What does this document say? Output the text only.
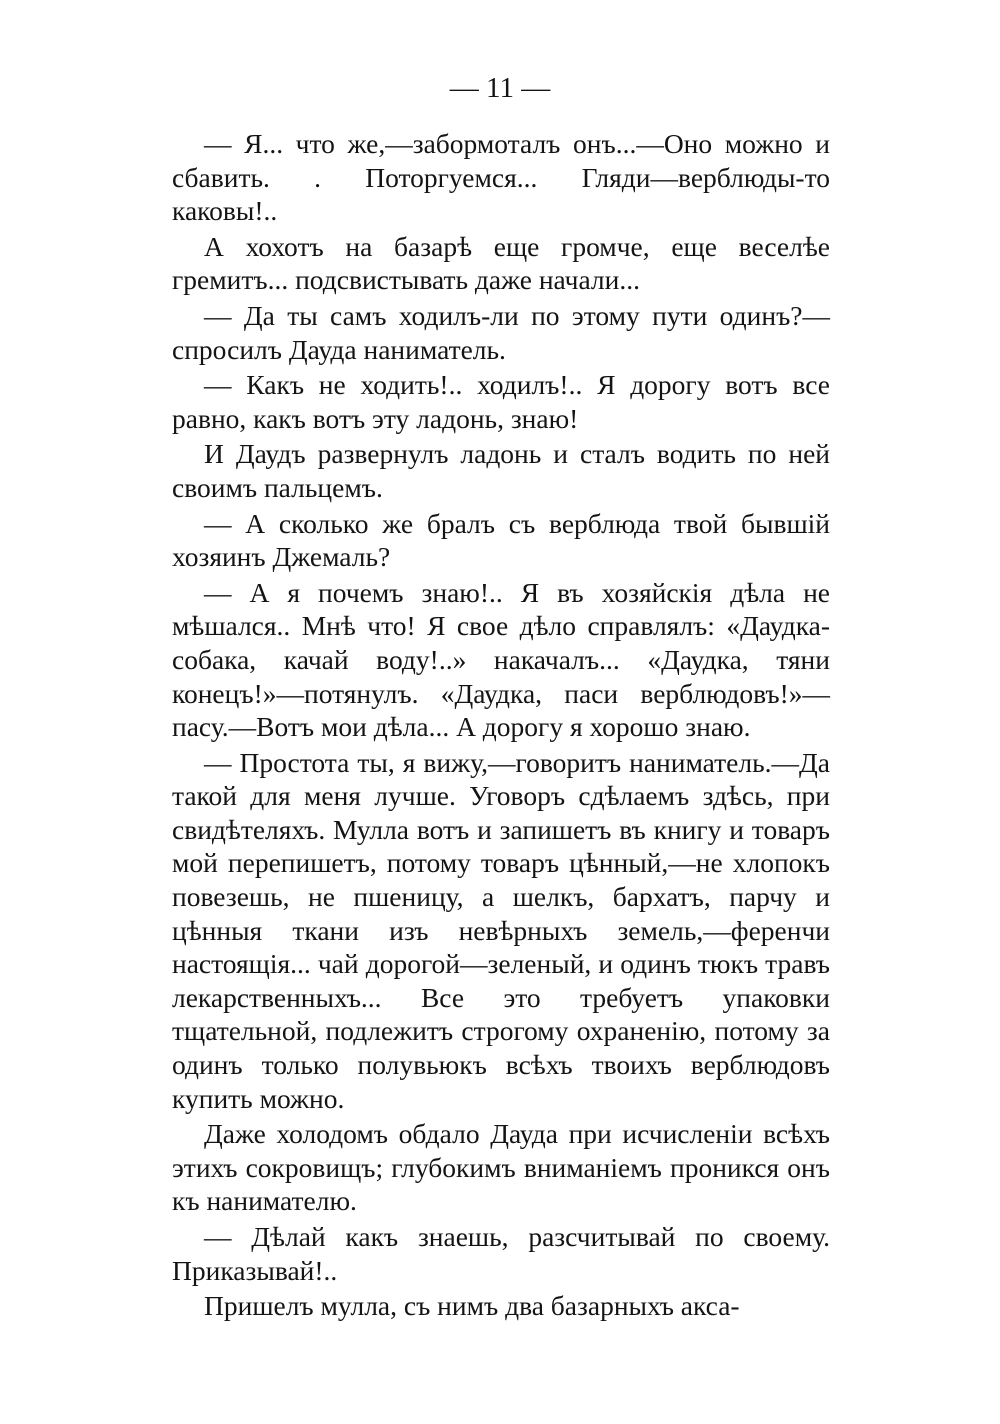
— 11 —

— Я... что же,—забормоталъ онъ...—Оно можно и сбавить. . Поторгуемся... Гляди—верблюды-то каковы!..

А хохотъ на базарѣ еще громче, еще веселѣе гремитъ... подсвистывать даже начали...

— Да ты самъ ходилъ-ли по этому пути одинъ?—спросилъ Дауда наниматель.

— Какъ не ходить!.. ходилъ!.. Я дорогу вотъ все равно, какъ вотъ эту ладонь, знаю!

И Даудъ развернулъ ладонь и сталъ водить по ней своимъ пальцемъ.

— А сколько же бралъ съ верблюда твой бывшій хозяинъ Джемаль?

— А я почемъ знаю!.. Я въ хозяйскія дѣла не мѣшался.. Мнѣ что! Я свое дѣло справлялъ: «Даудка-собака, качай воду!..» накачалъ... «Даудка, тяни конецъ!»—потянулъ. «Даудка, паси верблюдовъ!»—пасу.—Вотъ мои дѣла... А дорогу я хорошо знаю.

— Простота ты, я вижу,—говоритъ наниматель.—Да такой для меня лучше. Уговоръ сдѣлаемъ здѣсь, при свидѣтеляхъ. Мулла вотъ и запишетъ въ книгу и товаръ мой перепишетъ, потому товаръ цѣнный,—не хлопокъ повезешь, не пшеницу, а шелкъ, бархатъ, парчу и цѣнныя ткани изъ невѣрныхъ земель,—ференчи настоящія... чай дорогой—зеленый, и одинъ тюкъ травъ лекарственныхъ... Все это требуетъ упаковки тщательной, подлежитъ строгому охраненію, потому за одинъ только полувьюкъ всѣхъ твоихъ верблюдовъ купить можно.

Даже холодомъ обдало Дауда при исчисленіи всѣхъ этихъ сокровищъ; глубокимъ вниманіемъ проникся онъ къ нанимателю.

— Дѣлай какъ знаешь, разсчитывай по своему. Приказывай!..

Пришелъ мулла, съ нимъ два базарныхъ акса-
